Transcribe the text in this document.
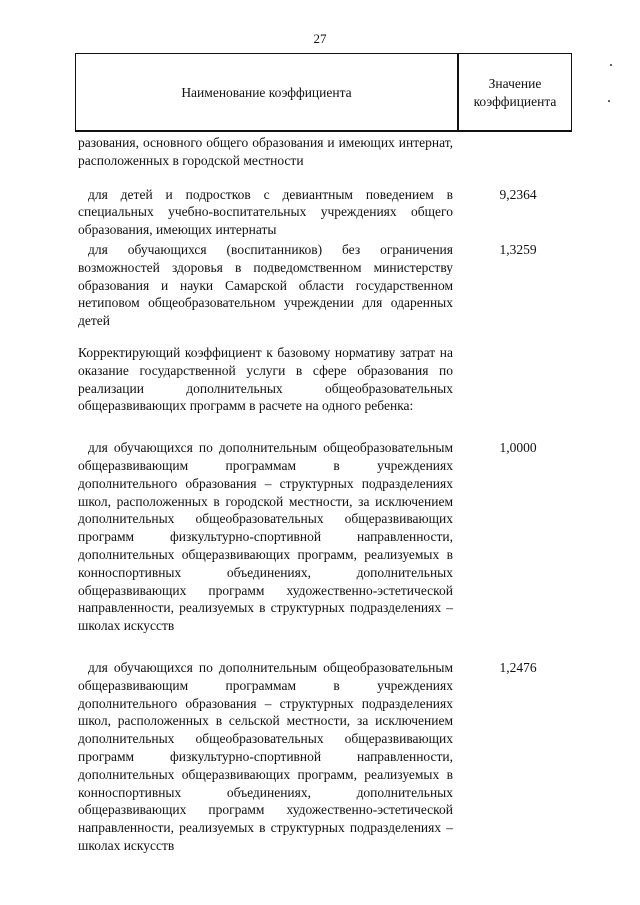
27
Наименование коэффициента
Значение
коэффициента
разования, основного общего образования и имеющих интернат, расположенных в городской местности
для детей и подростков с девиантным поведением в специальных учебно-воспитательных учреждениях общего образования, имеющих интернаты
9,2364
для обучающихся (воспитанников) без ограничения возможностей здоровья в подведомственном министерству образования и науки Самарской области государственном нетиповом общеобразовательном учреждении для одаренных детей
1,3259
Корректирующий коэффициент к базовому нормативу затрат на оказание государственной услуги в сфере образования по реализации дополнительных общеобразовательных общеразвивающих программ в расчете на одного ребенка:
для обучающихся по дополнительным общеобразовательным общеразвивающим программам в учреждениях дополнительного образования – структурных подразделениях школ, расположенных в городской местности, за исключением дополнительных общеобразовательных общеразвивающих программ физкультурно-спортивной направленности, дополнительных общеразвивающих программ, реализуемых в конноспортивных объединениях, дополнительных общеразвивающих программ художественно-эстетической направленности, реализуемых в структурных подразделениях – школах искусств
1,0000
для обучающихся по дополнительным общеобразовательным общеразвивающим программам в учреждениях дополнительного образования – структурных подразделениях школ, расположенных в сельской местности, за исключением дополнительных общеобразовательных общеразвивающих программ физкультурно-спортивной направленности, дополнительных общеразвивающих программ, реализуемых в конноспортивных объединениях, дополнительных общеразвивающих программ художественно-эстетической направленности, реализуемых в структурных подразделениях – школах искусств
1,2476
